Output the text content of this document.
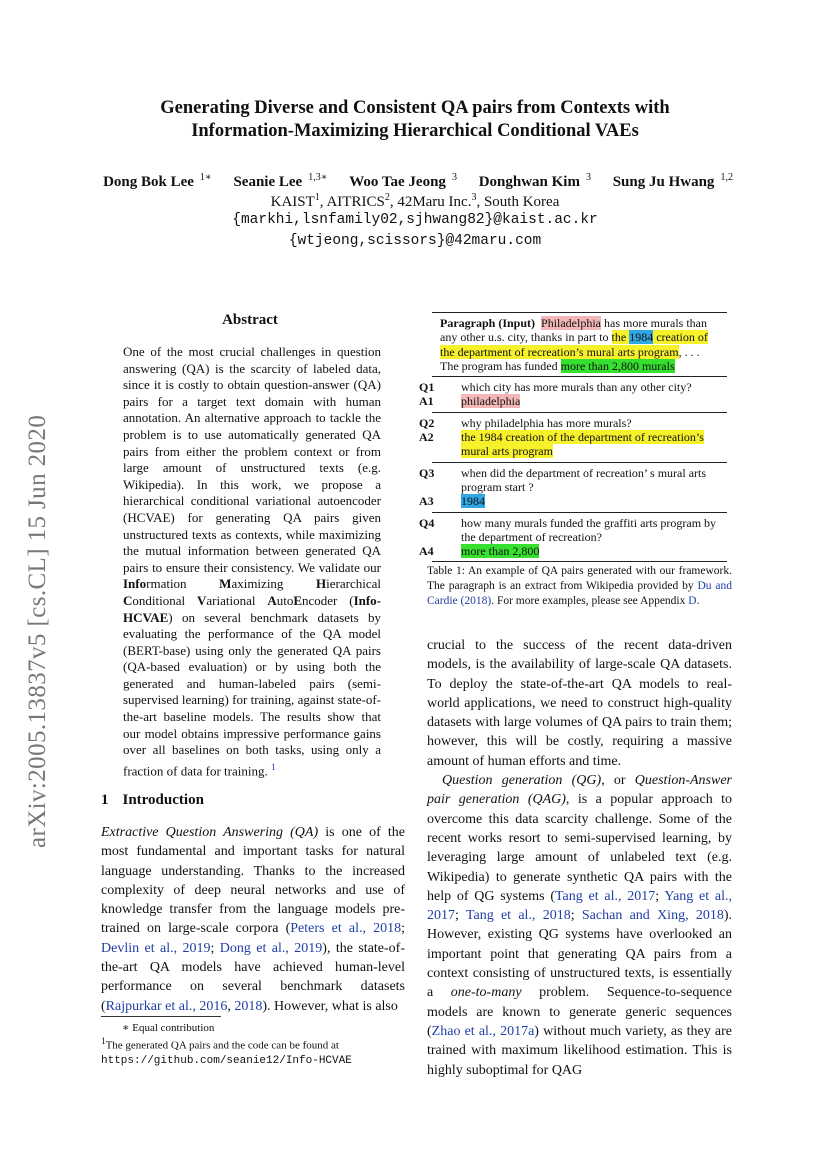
arXiv:2005.13837v5 [cs.CL] 15 Jun 2020
Generating Diverse and Consistent QA pairs from Contexts with
Information-Maximizing Hierarchical Conditional VAEs
Dong Bok Lee $^{1∗}$ Seanie Lee $^{1,3∗}$ Woo Tae Jeong $^3$ Donghwan Kim $^3$ Sung Ju Hwang $^{1,2}$
KAIST$^1$, AITRICS$^2$, 42Maru Inc.$^3$, South Korea
{markhi,lsnfamily02,sjhwang82}@kaist.ac.kr
{wtjeong,scissors}@42maru.com
Abstract
One of the most crucial challenges in question answering (QA) is the scarcity of labeled data, since it is costly to obtain question-answer (QA) pairs for a target text domain with human annotation. An alternative approach to tackle the problem is to use automatically generated QA pairs from either the problem context or from large amount of unstructured texts (e.g. Wikipedia). In this work, we propose a hierarchical conditional variational autoencoder (HCVAE) for generating QA pairs given unstructured texts as contexts, while maximizing the mutual information between generated QA pairs to ensure their consistency. We validate our Information Maximizing Hierarchical Conditional Variational AutoEncoder (Info-HCVAE) on several benchmark datasets by evaluating the performance of the QA model (BERT-base) using only the generated QA pairs (QA-based evaluation) or by using both the generated and human-labeled pairs (semi-supervised learning) for training, against state-of-the-art baseline models. The results show that our model obtains impressive performance gains over all baselines on both tasks, using only a fraction of data for training. $^1$
1 Introduction
Extractive Question Answering (QA) is one of the most fundamental and important tasks for natural language understanding. Thanks to the increased complexity of deep neural networks and use of knowledge transfer from the language models pre-trained on large-scale corpora (Peters et al., 2018; Devlin et al., 2019; Dong et al., 2019), the state-of-the-art QA models have achieved human-level performance on several benchmark datasets (Rajpurkar et al., 2016, 2018). However, what is also
∗ Equal contribution
$^1$The generated QA pairs and the code can be found at
https://github.com/seanie12/Info-HCVAE
Paragraph (Input) Philadelphia has more murals than any other u.s. city, thanks in part to the 1984 creation of the department of recreation’s mural arts program, . . . The program has funded more than 2,800 murals
Q1 which city has more murals than any other city?
A1 philadelphia
Q2 why philadelphia has more murals?
A2 the 1984 creation of the department of recreation’s mural arts program
Q3 when did the department of recreation’ s mural arts program start ?
A3 1984
Q4 how many murals funded the graffiti arts program by the department of recreation?
A4 more than 2,800
Table 1: An example of QA pairs generated with our framework. The paragraph is an extract from Wikipedia provided by Du and Cardie (2018). For more examples, please see Appendix D.
crucial to the success of the recent data-driven models, is the availability of large-scale QA datasets. To deploy the state-of-the-art QA models to real-world applications, we need to construct high-quality datasets with large volumes of QA pairs to train them; however, this will be costly, requiring a massive amount of human efforts and time.
Question generation (QG), or Question-Answer pair generation (QAG), is a popular approach to overcome this data scarcity challenge. Some of the recent works resort to semi-supervised learning, by leveraging large amount of unlabeled text (e.g. Wikipedia) to generate synthetic QA pairs with the help of QG systems (Tang et al., 2017; Yang et al., 2017; Tang et al., 2018; Sachan and Xing, 2018). However, existing QG systems have overlooked an important point that generating QA pairs from a context consisting of unstructured texts, is essentially a one-to-many problem. Sequence-to-sequence models are known to generate generic sequences (Zhao et al., 2017a) without much variety, as they are trained with maximum likelihood estimation. This is highly suboptimal for QAG
